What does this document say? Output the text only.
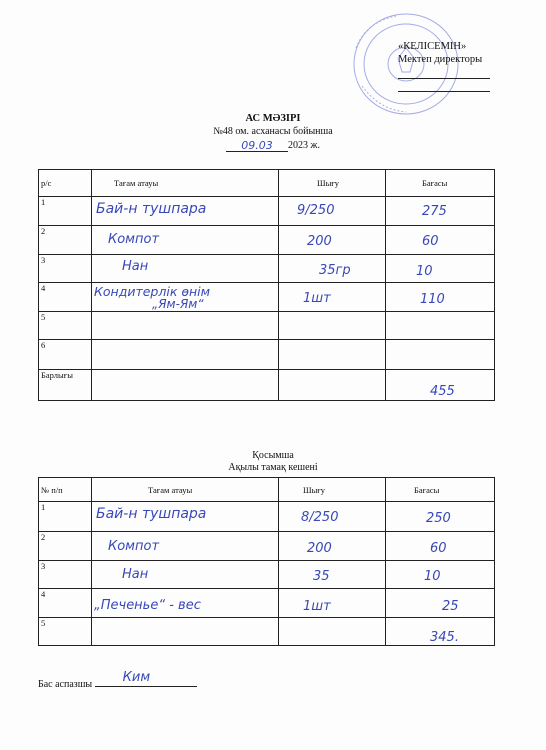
«КЕЛІСЕМІН»
Мектеп директоры
АС МӘЗІРІ
№48 ом. асханасы бойынша
09.03 2023 ж.
р/с	Тағам атауы	Шығу	Бағасы
1	Бай-н тушпара	9/250	275

2	Компот	200	60

3	Нан	35гр	10

4	Кондитерлік өнім
„Ям-Ям“	1шт	110

5			
6			
Барлығы			455
Қосымша
Ақылы тамақ кешені
№ п/п	Тағам атауы	Шығу	Бағасы
1	Бай-н тушпара	8/250	250

2	Компот	200	60

3	Нан	35	10

4	„Печенье“ - вес	1шт	25

5			345.
Бас аспазшы Ким
